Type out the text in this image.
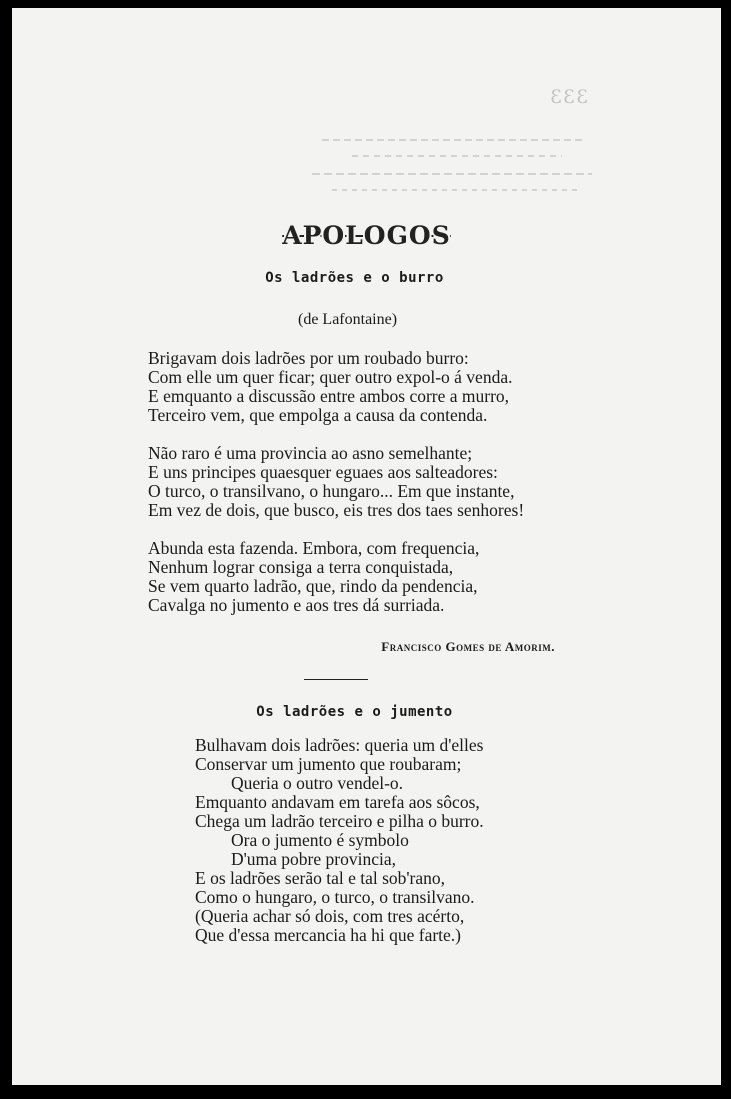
333
APOLOGOS
Os ladrões e o burro
(de Lafontaine)
Brigavam dois ladrões por um roubado burro:
Com elle um quer ficar; quer outro expol-o á venda.
E emquanto a discussão entre ambos corre a murro,
Terceiro vem, que empolga a causa da contenda.
Não raro é uma provincia ao asno semelhante;
E uns principes quaesquer eguaes aos salteadores:
O turco, o transilvano, o hungaro... Em que instante,
Em vez de dois, que busco, eis tres dos taes senhores!
Abunda esta fazenda. Embora, com frequencia,
Nenhum lograr consiga a terra conquistada,
Se vem quarto ladrão, que, rindo da pendencia,
Cavalga no jumento e aos tres dá surriada.
Francisco Gomes de Amorim.
Os ladrões e o jumento
Bulhavam dois ladrões: queria um d'elles
Conservar um jumento que roubaram;
Queria o outro vendel-o.
Emquanto andavam em tarefa aos sôcos,
Chega um ladrão terceiro e pilha o burro.
Ora o jumento é symbolo
D'uma pobre provincia,
E os ladrões serão tal e tal sob'rano,
Como o hungaro, o turco, o transilvano.
(Queria achar só dois, com tres acérto,
Que d'essa mercancia ha hi que farte.)
